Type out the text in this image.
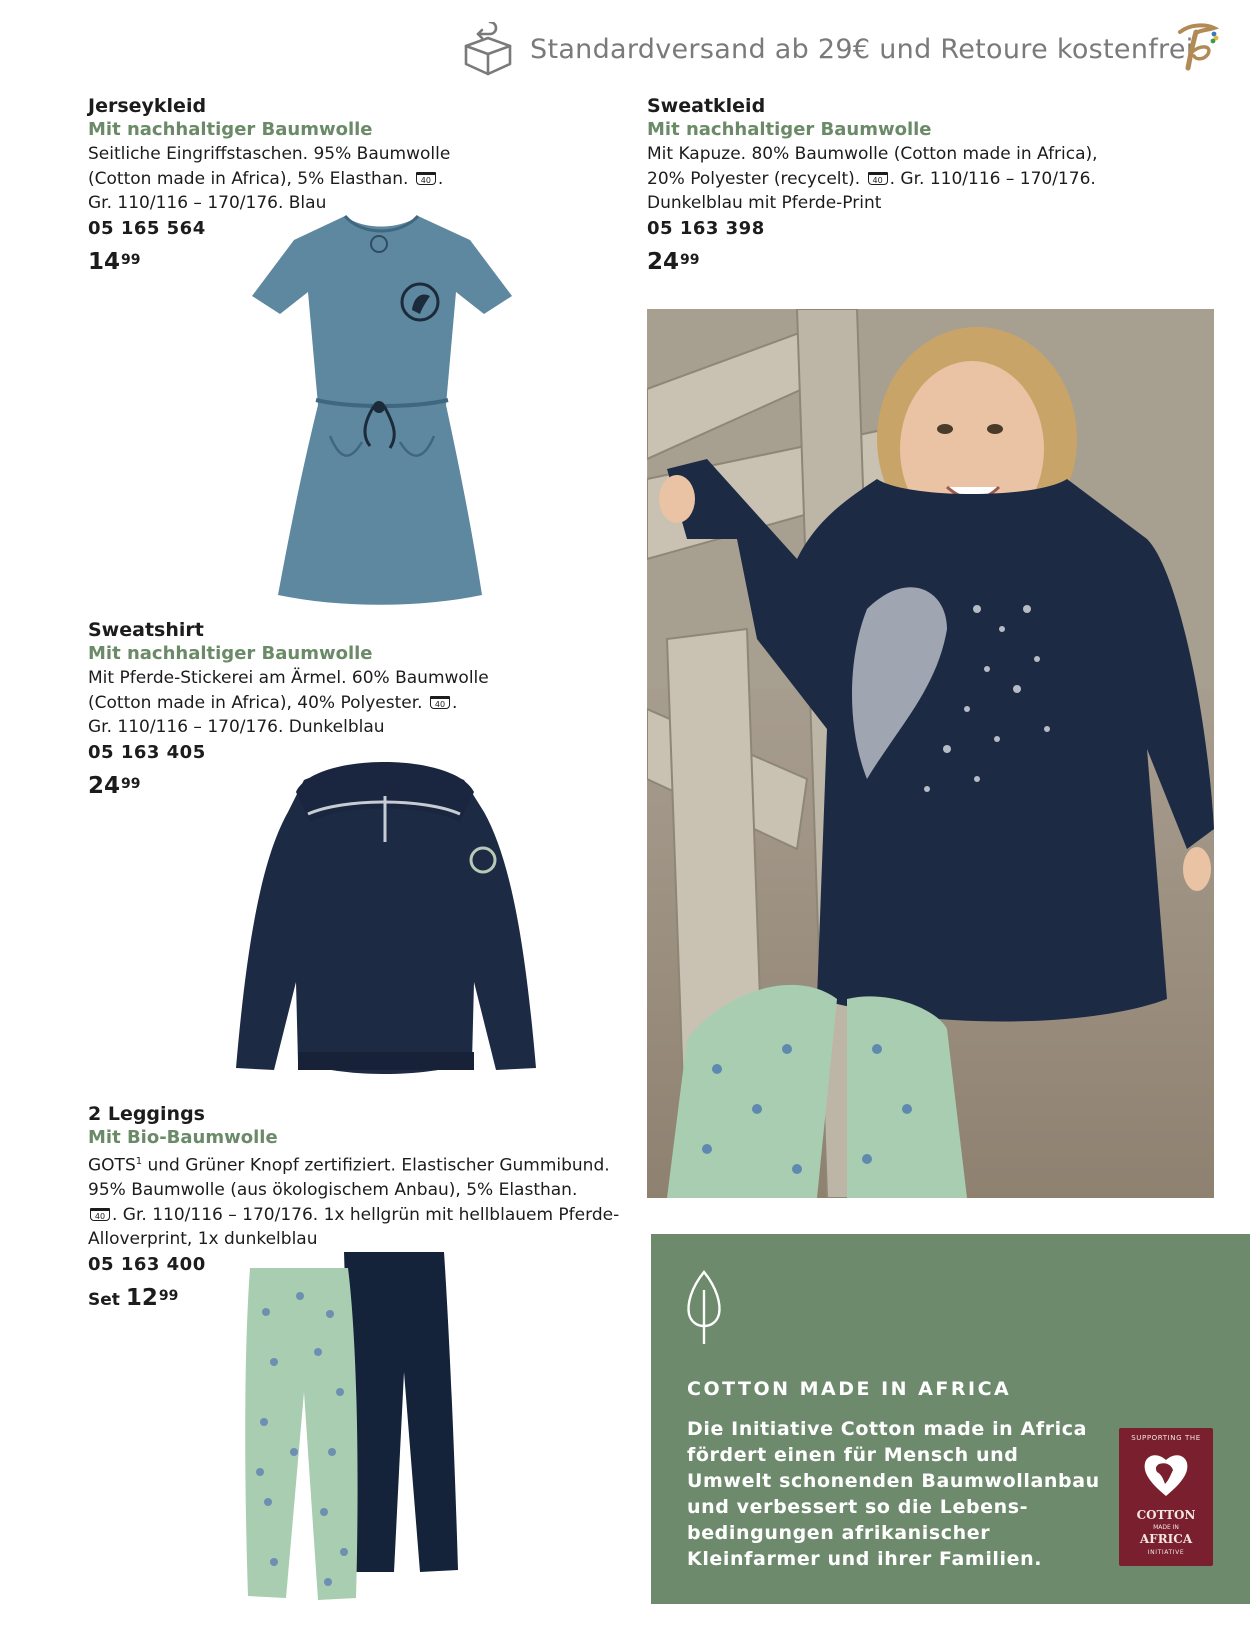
Standardversand ab 29€ und Retoure kostenfrei
Jerseykleid
Mit nachhaltiger Baumwolle
Seitliche Eingriffstaschen. 95% Baumwolle
(Cotton made in Africa), 5% Elasthan. 40 .
Gr. 110/116 – 170/176. Blau
05 165 564
$14^{99}$
Sweatkleid
Mit nachhaltiger Baumwolle
Mit Kapuze. 80% Baumwolle (Cotton made in Africa),
20% Polyester (recycelt). 40 . Gr. 110/116 – 170/176.
Dunkelblau mit Pferde-Print
05 163 398
$24^{99}$
Sweatshirt
Mit nachhaltiger Baumwolle
Mit Pferde-Stickerei am Ärmel. 60% Baumwolle
(Cotton made in Africa), 40% Polyester. 40 .
Gr. 110/116 – 170/176. Dunkelblau
05 163 405
$24^{99}$
2 Leggings
Mit Bio-Baumwolle
GOTS$^1$ und Grüner Knopf zertifiziert. Elastischer Gummibund.
95% Baumwolle (aus ökologischem Anbau), 5% Elasthan.
40 . Gr. 110/116 – 170/176. 1x hellgrün mit hellblauem Pferde-
Alloverprint, 1x dunkelblau
05 163 400
Set $12^{99}$
COTTON MADE IN AFRICA
Die Initiative Cotton made in Africa fördert einen für Mensch und Umwelt schonenden Baumwollanbau und verbessert so die Lebens- bedingungen afrikanischer Kleinfarmer und ihrer Familien.
SUPPORTING THE
COTTON
MADE IN
AFRICA
INITIATIVE
